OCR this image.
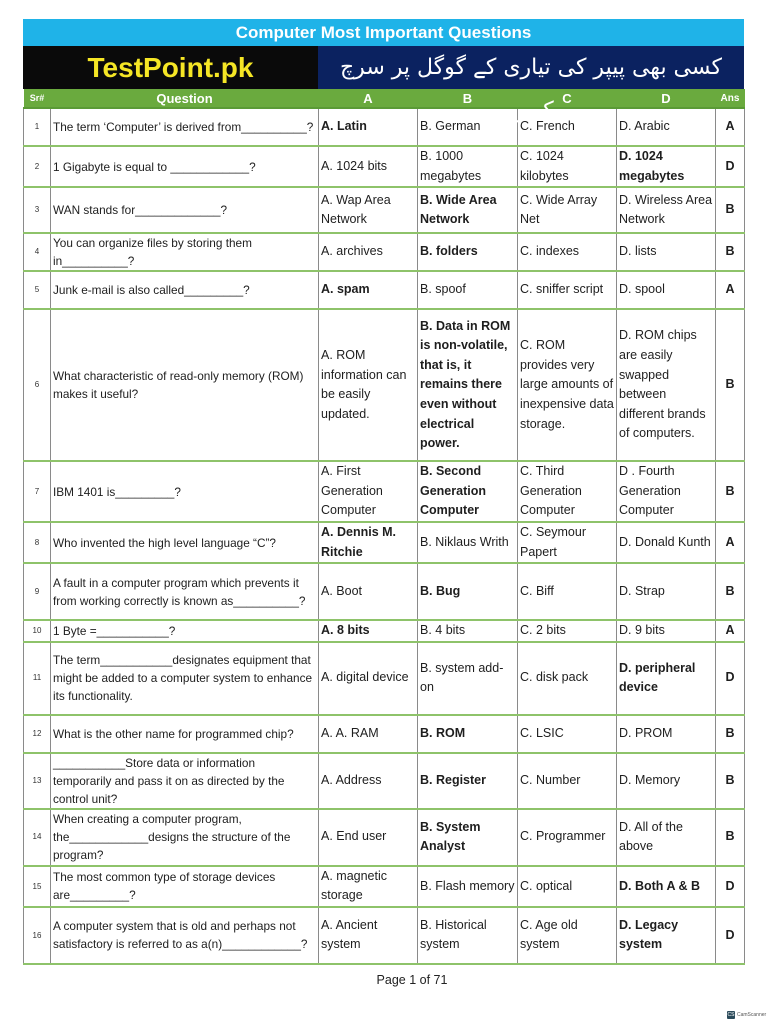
Computer Most Important Questions
TestPoint.pk	کسی بھی پیپر کی تیاری کے گوگل پر سرچ کریں
Sr#	Question	A	B	C	D	Ans
1	The term ‘Computer’ is derived from__________?	A. Latin	B. German	C. French	D. Arabic	A
2	1 Gigabyte is equal to ____________?	A. 1024 bits	B. 1000 megabytes	C. 1024 kilobytes	D. 1024 megabytes	D
3	WAN stands for_____________?	A. Wap Area Network	B. Wide Area Network	C. Wide Array Net	D. Wireless Area Network	B
4	You can organize files by storing them in__________?	A. archives	B. folders	C. indexes	D. lists	B
5	Junk e-mail is also called_________?	A. spam	B. spoof	C. sniffer script	D. spool	A
6	What characteristic of read-only memory (ROM) makes it useful?	A. ROM information can be easily updated.	B. Data in ROM is non-volatile, that is, it remains there even without electrical power.	C. ROM provides very large amounts of inexpensive data storage.	D. ROM chips are easily swapped between different brands of computers.	B
7	IBM 1401 is_________?	A. First Generation Computer	B. Second Generation Computer	C. Third Generation Computer	D . Fourth Generation Computer	B
8	Who invented the high level language “C”?	A. Dennis M. Ritchie	B. Niklaus Writh	C. Seymour Papert	D. Donald Kunth	A
9	A fault in a computer program which prevents it from working correctly is known as__________?	A. Boot	B. Bug	C. Biff	D. Strap	B
10	1 Byte =___________?	A. 8 bits	B. 4 bits	C. 2 bits	D. 9 bits	A
11	The term___________designates equipment that might be added to a computer system to enhance its functionality.	A. digital device	B. system add-on	C. disk pack	D. peripheral device	D
12	What is the other name for programmed chip?	A. A. RAM	B. ROM	C. LSIC	D. PROM	B
13	___________Store data or information temporarily and pass it on as directed by the control unit?	A. Address	B. Register	C. Number	D. Memory	B
14	When creating a computer program, the____________designs the structure of the program?	A. End user	B. System Analyst	C. Programmer	D. All of the above	B
15	The most common type of storage devices are_________?	A. magnetic storage	B. Flash memory	C. optical	D. Both A & B	D
16	A computer system that is old and perhaps not satisfactory is referred to as a(n)____________?	A. Ancient system	B. Historical system	C. Age old system	D. Legacy system	D
Page 1 of 71
CS CamScanner
